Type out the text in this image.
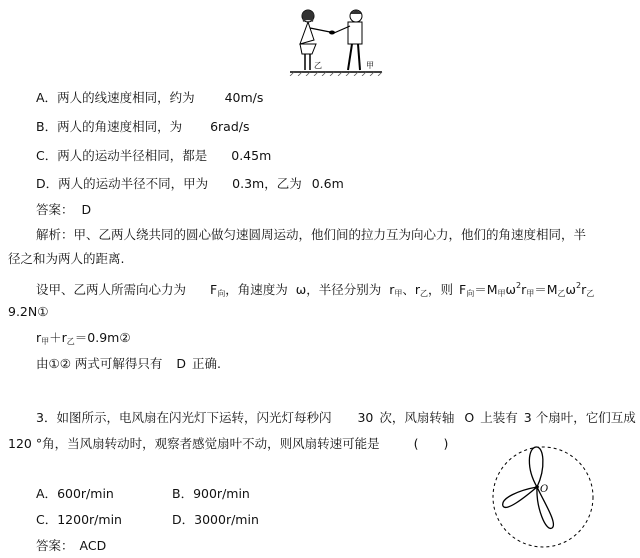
乙	甲
A．两人的线速度相同，约为 40m/s
B．两人的角速度相同，为 6rad/s
C．两人的运动半径相同，都是 0.45m
D．两人的运动半径不同，甲为 0.3m，乙为 0.6m
答案： D
解析：甲、乙两人绕共同的圆心做匀速圆周运动，他们间的拉力互为向心力，他们的角速度相同，半
径之和为两人的距离.
设甲、乙两人所需向心力为 $F_向$，角速度为 ω，半径分别为 $r_甲$、$r_乙$，则 $F_向=M_甲\omega^2r_甲=M_乙\omega^2r_乙$
9.2N①
$r_甲+r_乙=0.9m②$
由①② 两式可解得只有 D 正确.
3．如图所示，电风扇在闪光灯下运转，闪光灯每秒闪 30 次，风扇转轴 O 上装有 3 个扇叶，它们互成
120 °角，当风扇转动时，观察者感觉扇叶不动，则风扇转速可能是	(　　)
A．600r/min	B．900r/min
C．1200r/min	D．3000r/min
答案： ACD
O
